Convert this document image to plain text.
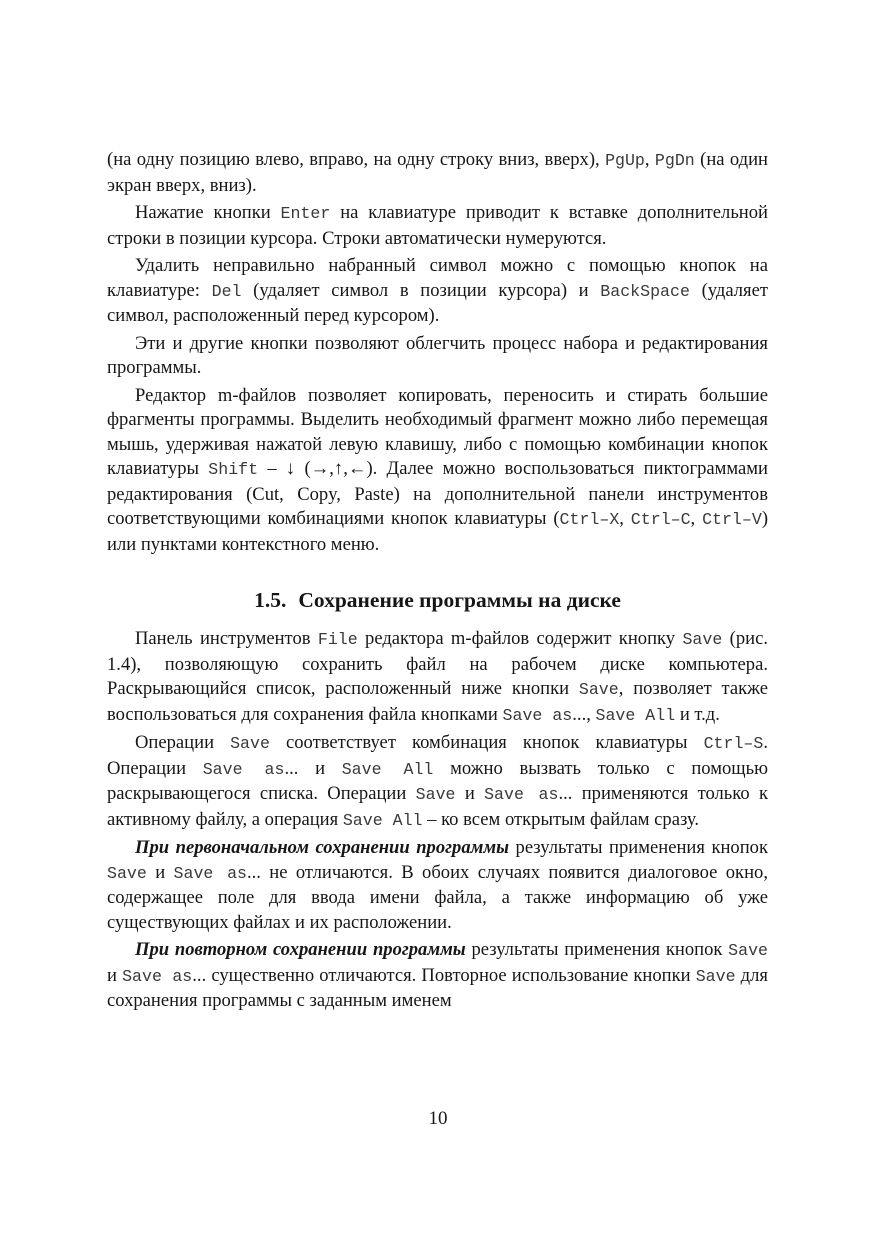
(на одну позицию влево, вправо, на одну строку вниз, вверх), PgUp, PgDn (на один экран вверх, вниз).

Нажатие кнопки Enter на клавиатуре приводит к вставке дополнительной строки в позиции курсора. Строки автоматически нумеруются.

Удалить неправильно набранный символ можно с помощью кнопок на клавиатуре: Del (удаляет символ в позиции курсора) и BackSpace (удаляет символ, расположенный перед курсором).

Эти и другие кнопки позволяют облегчить процесс набора и редактирования программы.

Редактор m-файлов позволяет копировать, переносить и стирать большие фрагменты программы. Выделить необходимый фрагмент можно либо перемещая мышь, удерживая нажатой левую клавишу, либо с помощью комбинации кнопок клавиатуры Shift – ↓ (→,↑,←). Далее можно воспользоваться пиктограммами редактирования (Cut, Copy, Paste) на дополнительной панели инструментов соответствующими комбинациями кнопок клавиатуры (Ctrl–X, Ctrl–C, Ctrl–V) или пунктами контекстного меню.

1.5. Сохранение программы на диске

Панель инструментов File редактора m-файлов содержит кнопку Save (рис. 1.4), позволяющую сохранить файл на рабочем диске компьютера. Раскрывающийся список, расположенный ниже кнопки Save, позволяет также воспользоваться для сохранения файла кнопками Save as..., Save All и т.д.

Операции Save соответствует комбинация кнопок клавиатуры Ctrl–S. Операции Save as... и Save All можно вызвать только с помощью раскрывающегося списка. Операции Save и Save as... применяются только к активному файлу, а операция Save All – ко всем открытым файлам сразу.

При первоначальном сохранении программы результаты применения кнопок Save и Save as... не отличаются. В обоих случаях появится диалоговое окно, содержащее поле для ввода имени файла, а также информацию об уже существующих файлах и их расположении.

При повторном сохранении программы результаты применения кнопок Save и Save as... существенно отличаются. Повторное использование кнопки Save для сохранения программы с заданным именем

10
